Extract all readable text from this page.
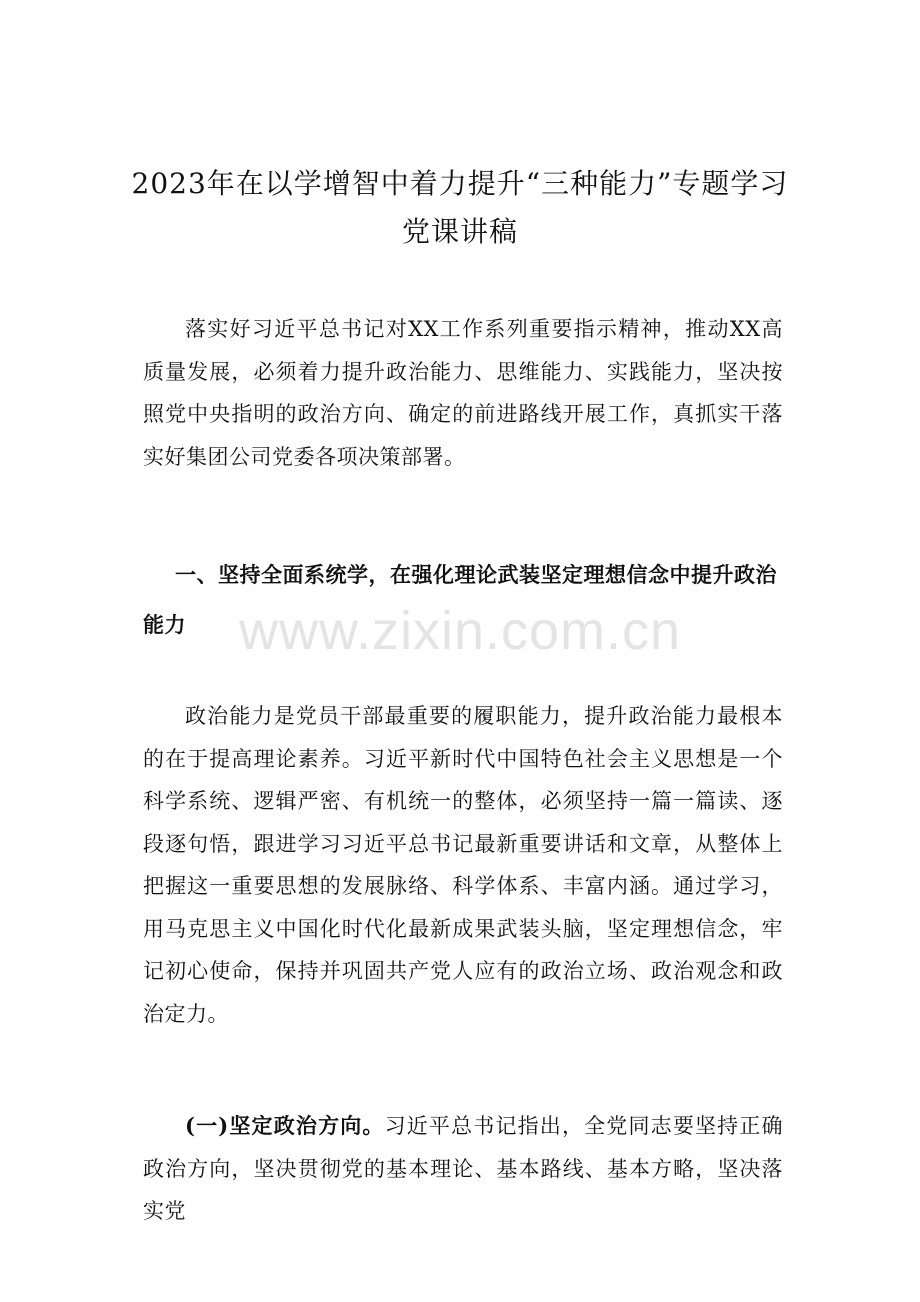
www.zixin.com.cn
2023年在以学增智中着力提升“三种能力”专题学习
党课讲稿

落实好习近平总书记对XX工作系列重要指示精神，推动XX高质量发展，必须着力提升政治能力、思维能力、实践能力，坚决按照党中央指明的政治方向、确定的前进路线开展工作，真抓实干落实好集团公司党委各项决策部署。

一、坚持全面系统学，在强化理论武装坚定理想信念中提升政治能力

政治能力是党员干部最重要的履职能力，提升政治能力最根本的在于提高理论素养。习近平新时代中国特色社会主义思想是一个科学系统、逻辑严密、有机统一的整体，必须坚持一篇一篇读、逐段逐句悟，跟进学习习近平总书记最新重要讲话和文章，从整体上把握这一重要思想的发展脉络、科学体系、丰富内涵。通过学习，用马克思主义中国化时代化最新成果武装头脑，坚定理想信念，牢记初心使命，保持并巩固共产党人应有的政治立场、政治观念和政治定力。

(一)坚定政治方向。习近平总书记指出，全党同志要坚持正确政治方向，坚决贯彻党的基本理论、基本路线、基本方略，坚决落实党
